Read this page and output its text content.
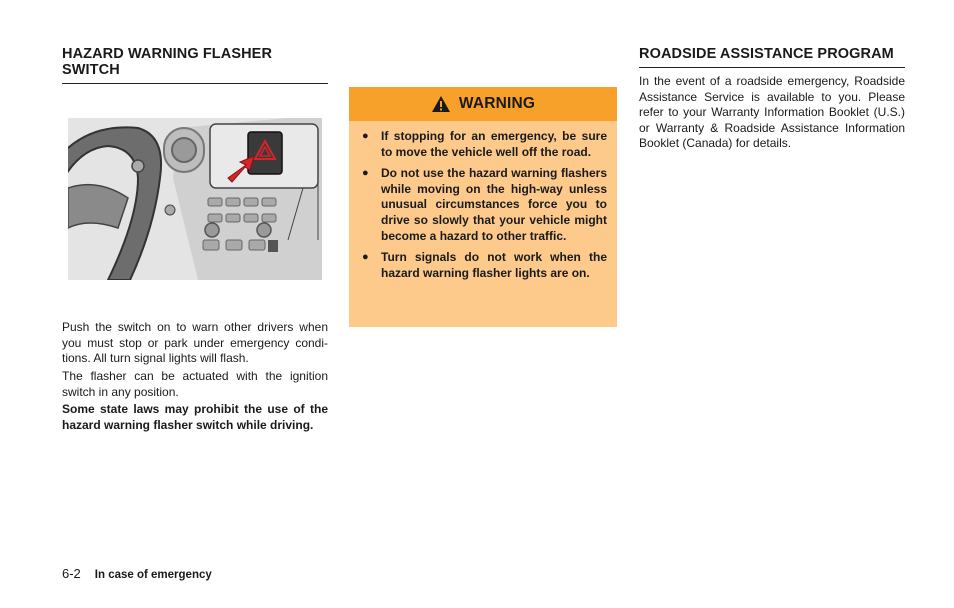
HAZARD WARNING FLASHER SWITCH

Push the switch on to warn other drivers when you must stop or park under emergency condi-tions. All turn signal lights will flash.

The flasher can be actuated with the ignition switch in any position.

Some state laws may prohibit the use of the hazard warning flasher switch while driving.

WARNING
● If stopping for an emergency, be sure to move the vehicle well off the road.
● Do not use the hazard warning flashers while moving on the high-way unless unusual circumstances force you to drive so slowly that your vehicle might become a hazard to other traffic.
● Turn signals do not work when the hazard warning flasher lights are on.
ROADSIDE ASSISTANCE PROGRAM

In the event of a roadside emergency, Roadside Assistance Service is available to you. Please refer to your Warranty Information Booklet (U.S.) or Warranty & Roadside Assistance Information Booklet (Canada) for details.

6-2 In case of emergency
